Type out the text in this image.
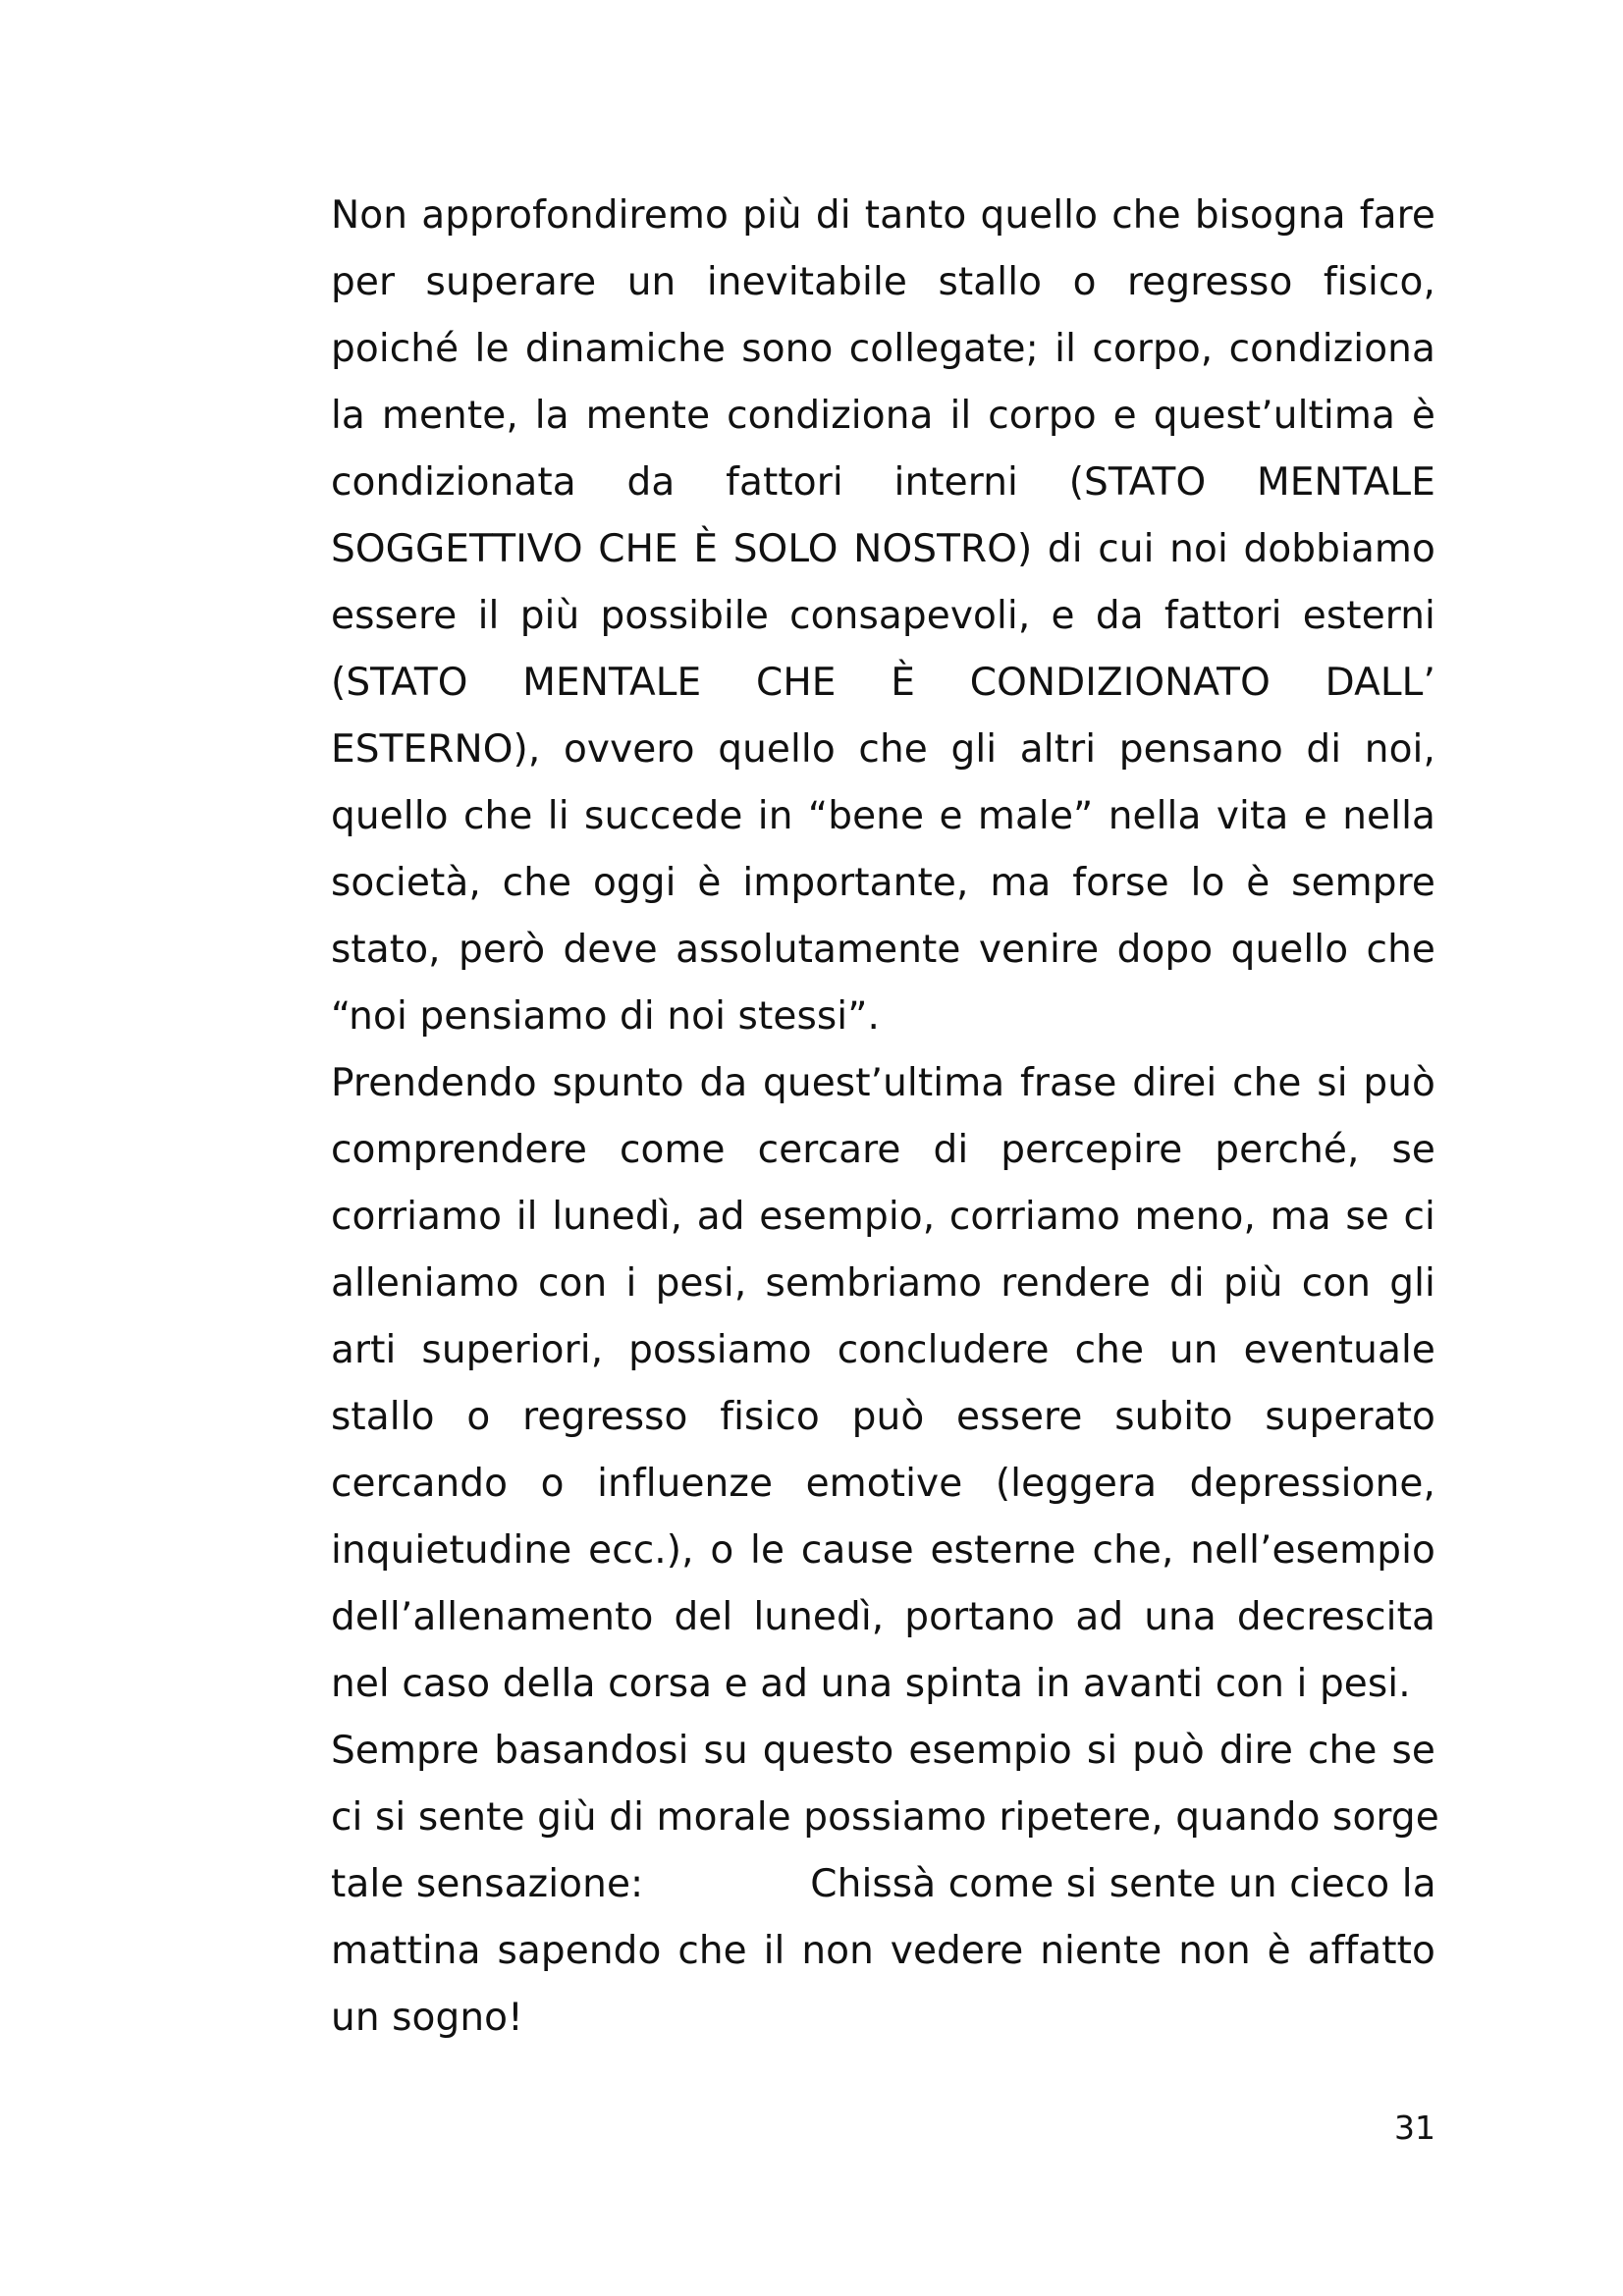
Non approfondiremo più di tanto quello che bisogna fare
per superare un inevitabile stallo o regresso fisico,
poiché le dinamiche sono collegate; il corpo, condiziona
la mente, la mente condiziona il corpo e quest’ultima è
condizionata da fattori interni (STATO MENTALE
SOGGETTIVO CHE È SOLO NOSTRO) di cui noi dobbiamo
essere il più possibile consapevoli, e da fattori esterni
(STATO MENTALE CHE È CONDIZIONATO DALL’
ESTERNO), ovvero quello che gli altri pensano di noi,
quello che li succede in “bene e male” nella vita e nella
società, che oggi è importante, ma forse lo è sempre
stato, però deve assolutamente venire dopo quello che
“noi pensiamo di noi stessi”.
Prendendo spunto da quest’ultima frase direi che si può
comprendere come cercare di percepire perché, se
corriamo il lunedì, ad esempio, corriamo meno, ma se ci
alleniamo con i pesi, sembriamo rendere di più con gli
arti superiori, possiamo concludere che un eventuale
stallo o regresso fisico può essere subito superato
cercando o influenze emotive (leggera depressione,
inquietudine ecc.), o le cause esterne che, nell’esempio
dell’allenamento del lunedì, portano ad una decrescita
nel caso della corsa e ad una spinta in avanti con i pesi.
Sempre basandosi su questo esempio si può dire che se
ci si sente giù di morale possiamo ripetere, quando sorge
tale sensazione:	Chissà come si sente un cieco la
mattina sapendo che il non vedere niente non è affatto
un sogno!
31
